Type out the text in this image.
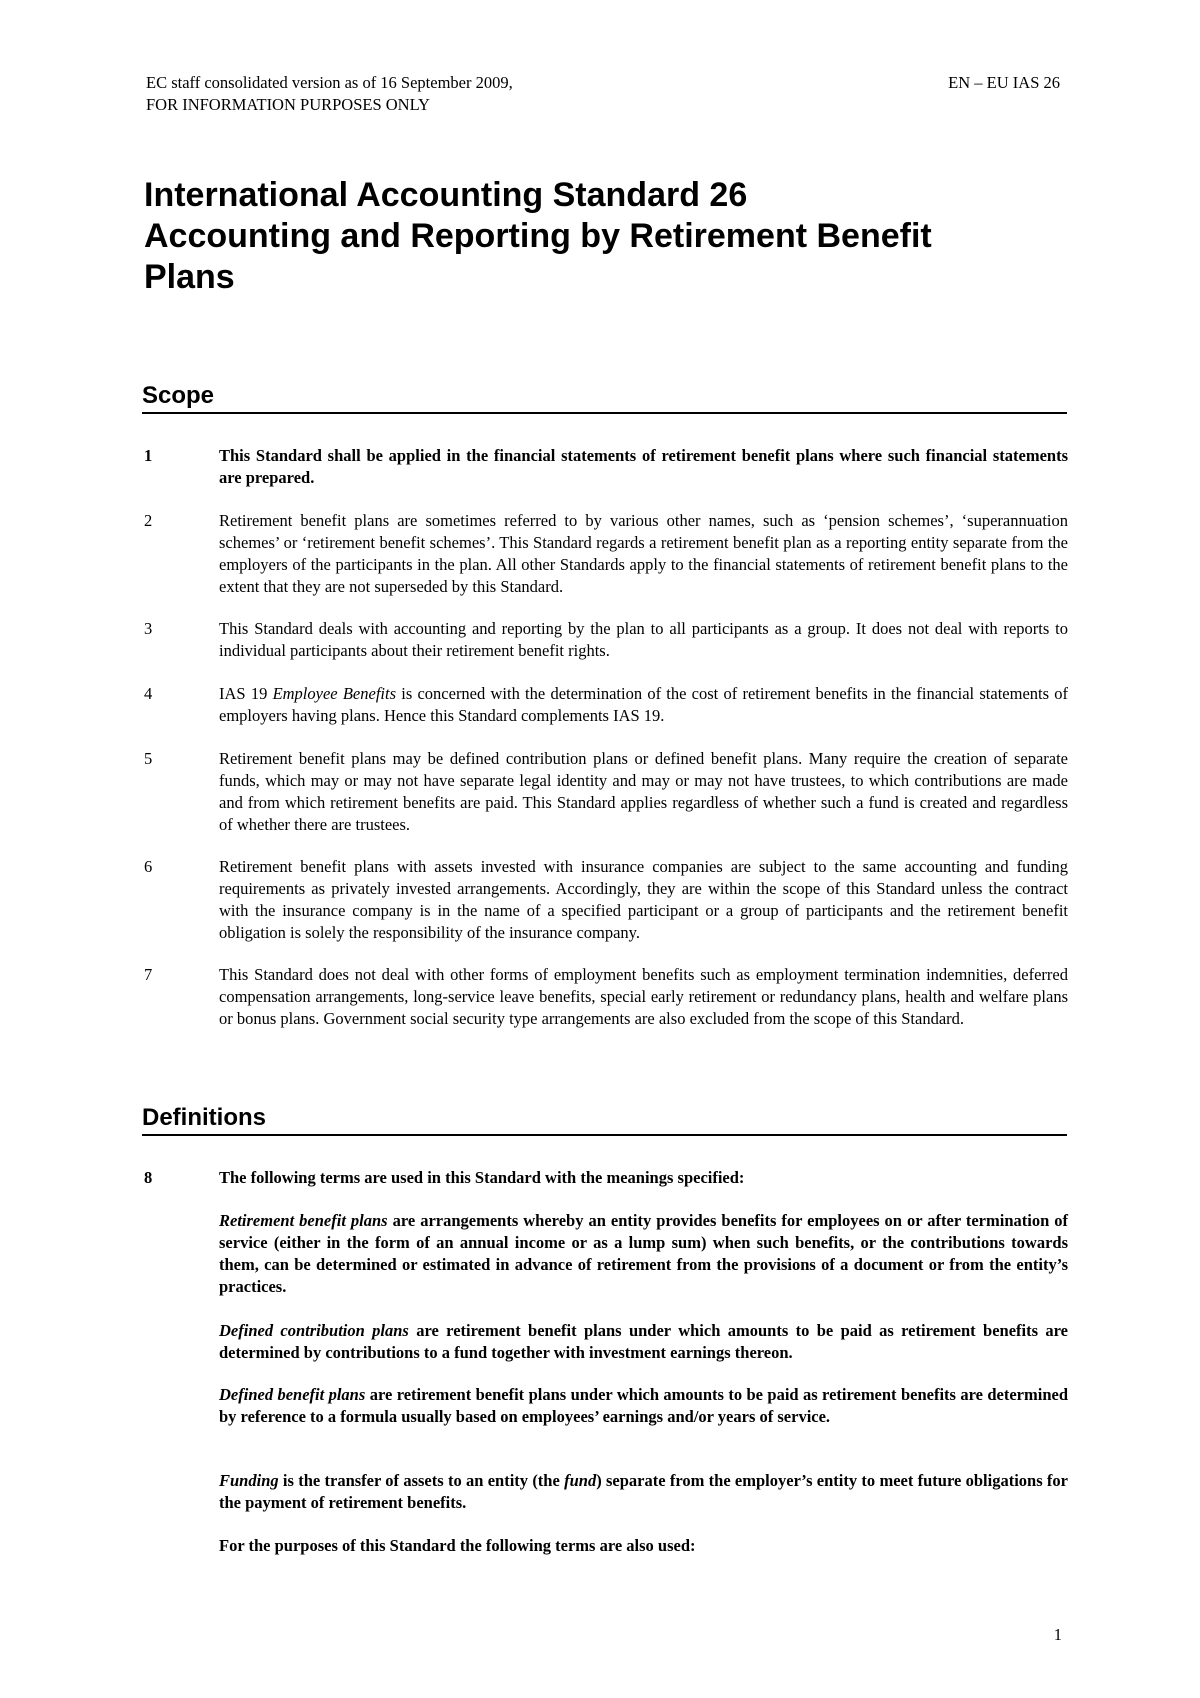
EC staff consolidated version as of 16 September 2009,
FOR INFORMATION PURPOSES ONLY
EN – EU IAS 26
International Accounting Standard 26
Accounting and Reporting by Retirement Benefit
Plans
Scope
1	This Standard shall be applied in the financial statements of retirement benefit plans where such financial statements are prepared.
2	Retirement benefit plans are sometimes referred to by various other names, such as ‘pension schemes’, ‘superannuation schemes’ or ‘retirement benefit schemes’. This Standard regards a retirement benefit plan as a reporting entity separate from the employers of the participants in the plan. All other Standards apply to the financial statements of retirement benefit plans to the extent that they are not superseded by this Standard.
3	This Standard deals with accounting and reporting by the plan to all participants as a group. It does not deal with reports to individual participants about their retirement benefit rights.
4	IAS 19 Employee Benefits is concerned with the determination of the cost of retirement benefits in the financial statements of employers having plans. Hence this Standard complements IAS 19.
5	Retirement benefit plans may be defined contribution plans or defined benefit plans. Many require the creation of separate funds, which may or may not have separate legal identity and may or may not have trustees, to which contributions are made and from which retirement benefits are paid. This Standard applies regardless of whether such a fund is created and regardless of whether there are trustees.
6	Retirement benefit plans with assets invested with insurance companies are subject to the same accounting and funding requirements as privately invested arrangements. Accordingly, they are within the scope of this Standard unless the contract with the insurance company is in the name of a specified participant or a group of participants and the retirement benefit obligation is solely the responsibility of the insurance company.
7	This Standard does not deal with other forms of employment benefits such as employment termination indemnities, deferred compensation arrangements, long-service leave benefits, special early retirement or redundancy plans, health and welfare plans or bonus plans. Government social security type arrangements are also excluded from the scope of this Standard.
Definitions
8	The following terms are used in this Standard with the meanings specified:
Retirement benefit plans are arrangements whereby an entity provides benefits for employees on or after termination of service (either in the form of an annual income or as a lump sum) when such benefits, or the contributions towards them, can be determined or estimated in advance of retirement from the provisions of a document or from the entity’s practices.
Defined contribution plans are retirement benefit plans under which amounts to be paid as retirement benefits are determined by contributions to a fund together with investment earnings thereon.
Defined benefit plans are retirement benefit plans under which amounts to be paid as retirement benefits are determined by reference to a formula usually based on employees’ earnings and/or years of service.
Funding is the transfer of assets to an entity (the fund) separate from the employer’s entity to meet future obligations for the payment of retirement benefits.
For the purposes of this Standard the following terms are also used:
1
